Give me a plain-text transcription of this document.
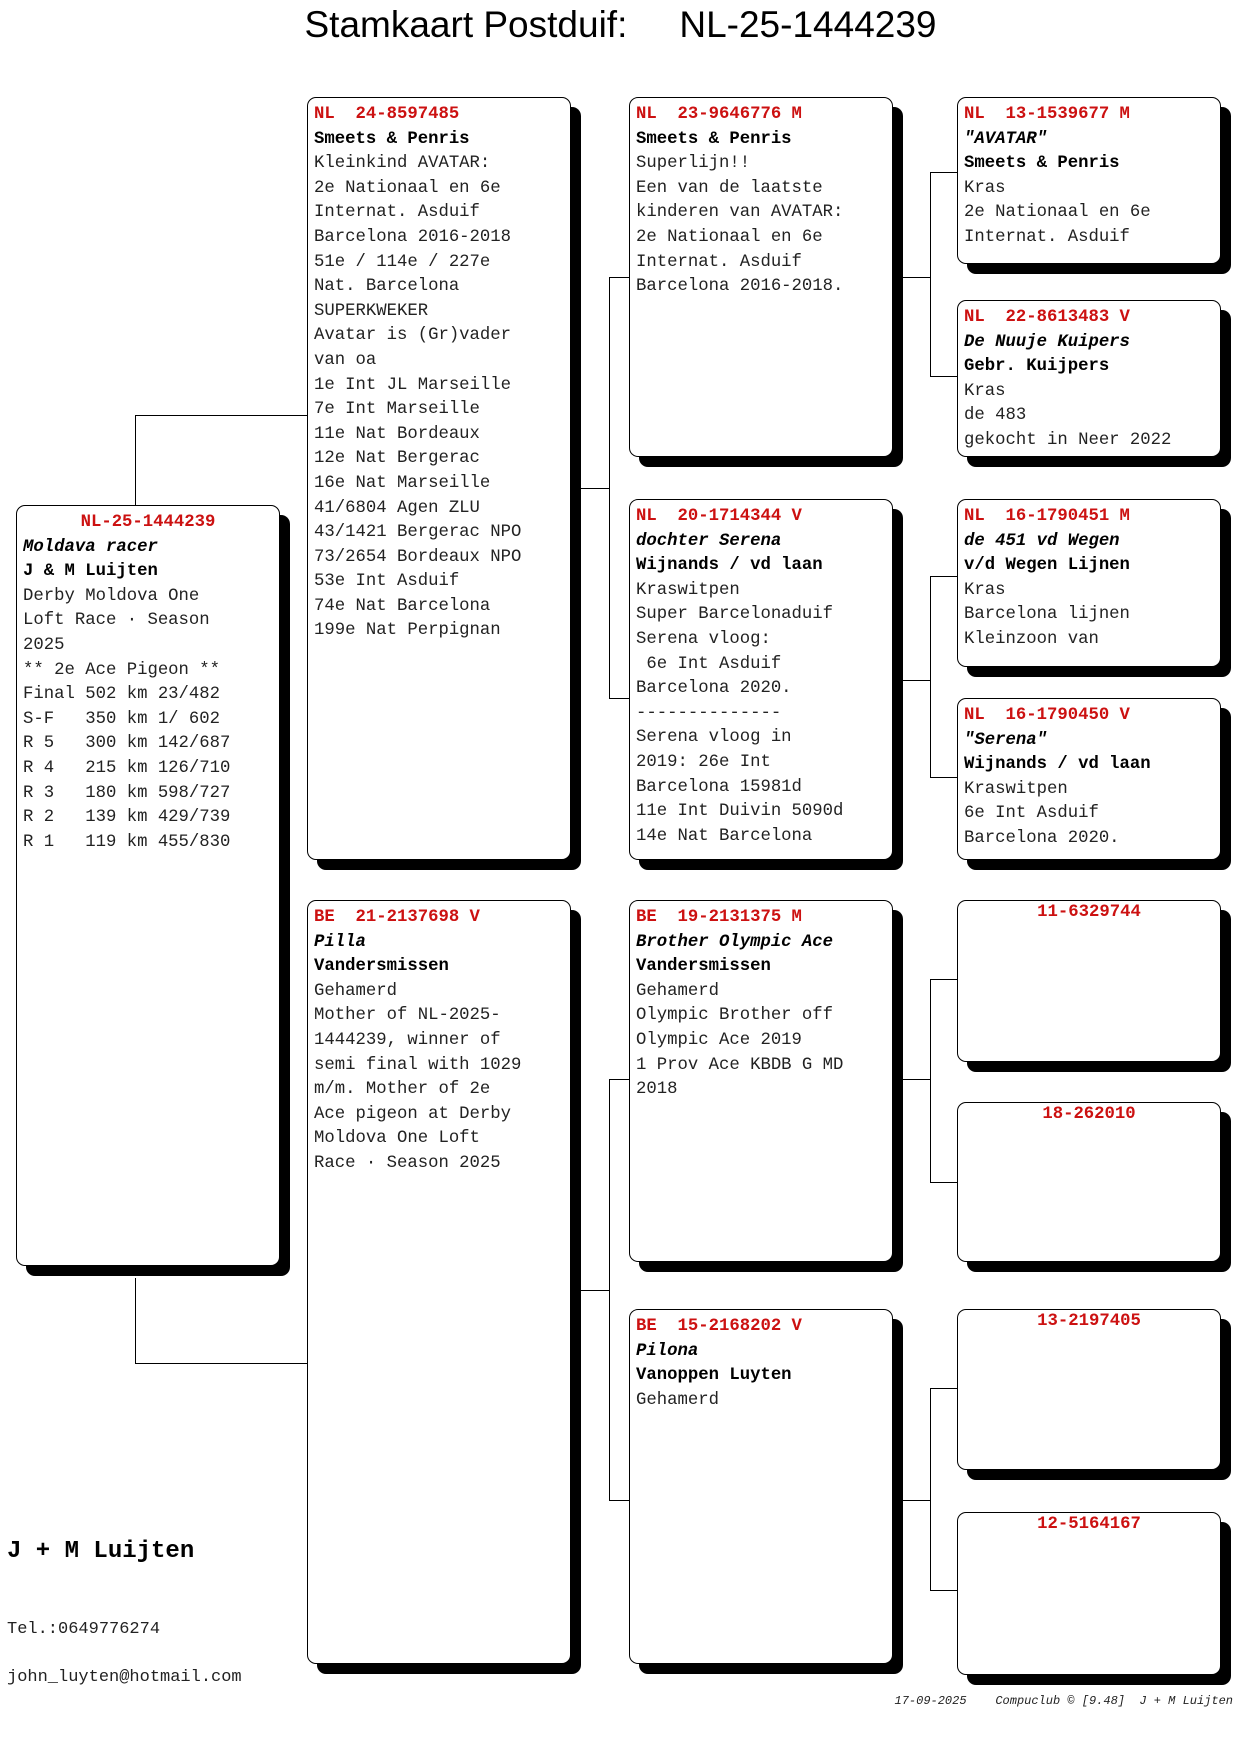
Stamkaart Postduif: NL-25-1444239
NL-25-1444239
Moldava racer
J & M Luijten
Derby Moldova One
Loft Race · Season
2025
** 2e Ace Pigeon **
Final 502 km 23/482
S-F   350 km 1/ 602
R 5   300 km 142/687
R 4   215 km 126/710
R 3   180 km 598/727
R 2   139 km 429/739
R 1   119 km 455/830
NL  24-8597485
Smeets & Penris
Kleinkind AVATAR:
2e Nationaal en 6e
Internat. Asduif
Barcelona 2016-2018
51e / 114e / 227e
Nat. Barcelona
SUPERKWEKER
Avatar is (Gr)vader
van oa
1e Int JL Marseille
7e Int Marseille
11e Nat Bordeaux
12e Nat Bergerac
16e Nat Marseille
41/6804 Agen ZLU
43/1421 Bergerac NPO
73/2654 Bordeaux NPO
53e Int Asduif
74e Nat Barcelona
199e Nat Perpignan
BE  21-2137698 V
Pilla
Vandersmissen
Gehamerd
Mother of NL-2025-
1444239, winner of
semi final with 1029
m/m. Mother of 2e
Ace pigeon at Derby
Moldova One Loft
Race · Season 2025
NL  23-9646776 M
Smeets & Penris
Superlijn!!
Een van de laatste
kinderen van AVATAR:
2e Nationaal en 6e
Internat. Asduif
Barcelona 2016-2018.
NL  20-1714344 V
dochter Serena
Wijnands / vd laan
Kraswitpen
Super Barcelonaduif
Serena vloog:
6e Int Asduif
Barcelona 2020.
--------------
Serena vloog in
2019: 26e Int
Barcelona 15981d
11e Int Duivin 5090d
14e Nat Barcelona
BE  19-2131375 M
Brother Olympic Ace
Vandersmissen
Gehamerd
Olympic Brother off
Olympic Ace 2019
1 Prov Ace KBDB G MD
2018
BE  15-2168202 V
Pilona
Vanoppen Luyten
Gehamerd
NL  13-1539677 M
"AVATAR"
Smeets & Penris
Kras
2e Nationaal en 6e
Internat. Asduif
NL  22-8613483 V
De Nuuje Kuipers
Gebr. Kuijpers
Kras
de 483
gekocht in Neer 2022
NL  16-1790451 M
de 451 vd Wegen
v/d Wegen Lijnen
Kras
Barcelona lijnen
Kleinzoon van
NL  16-1790450 V
"Serena"
Wijnands / vd laan
Kraswitpen
6e Int Asduif
Barcelona 2020.
11-6329744
18-262010
13-2197405
12-5164167
J + M Luijten
Tel.:0649776274
john_luyten@hotmail.com
17-09-2025 Compuclub © [9.48] J + M Luijten
